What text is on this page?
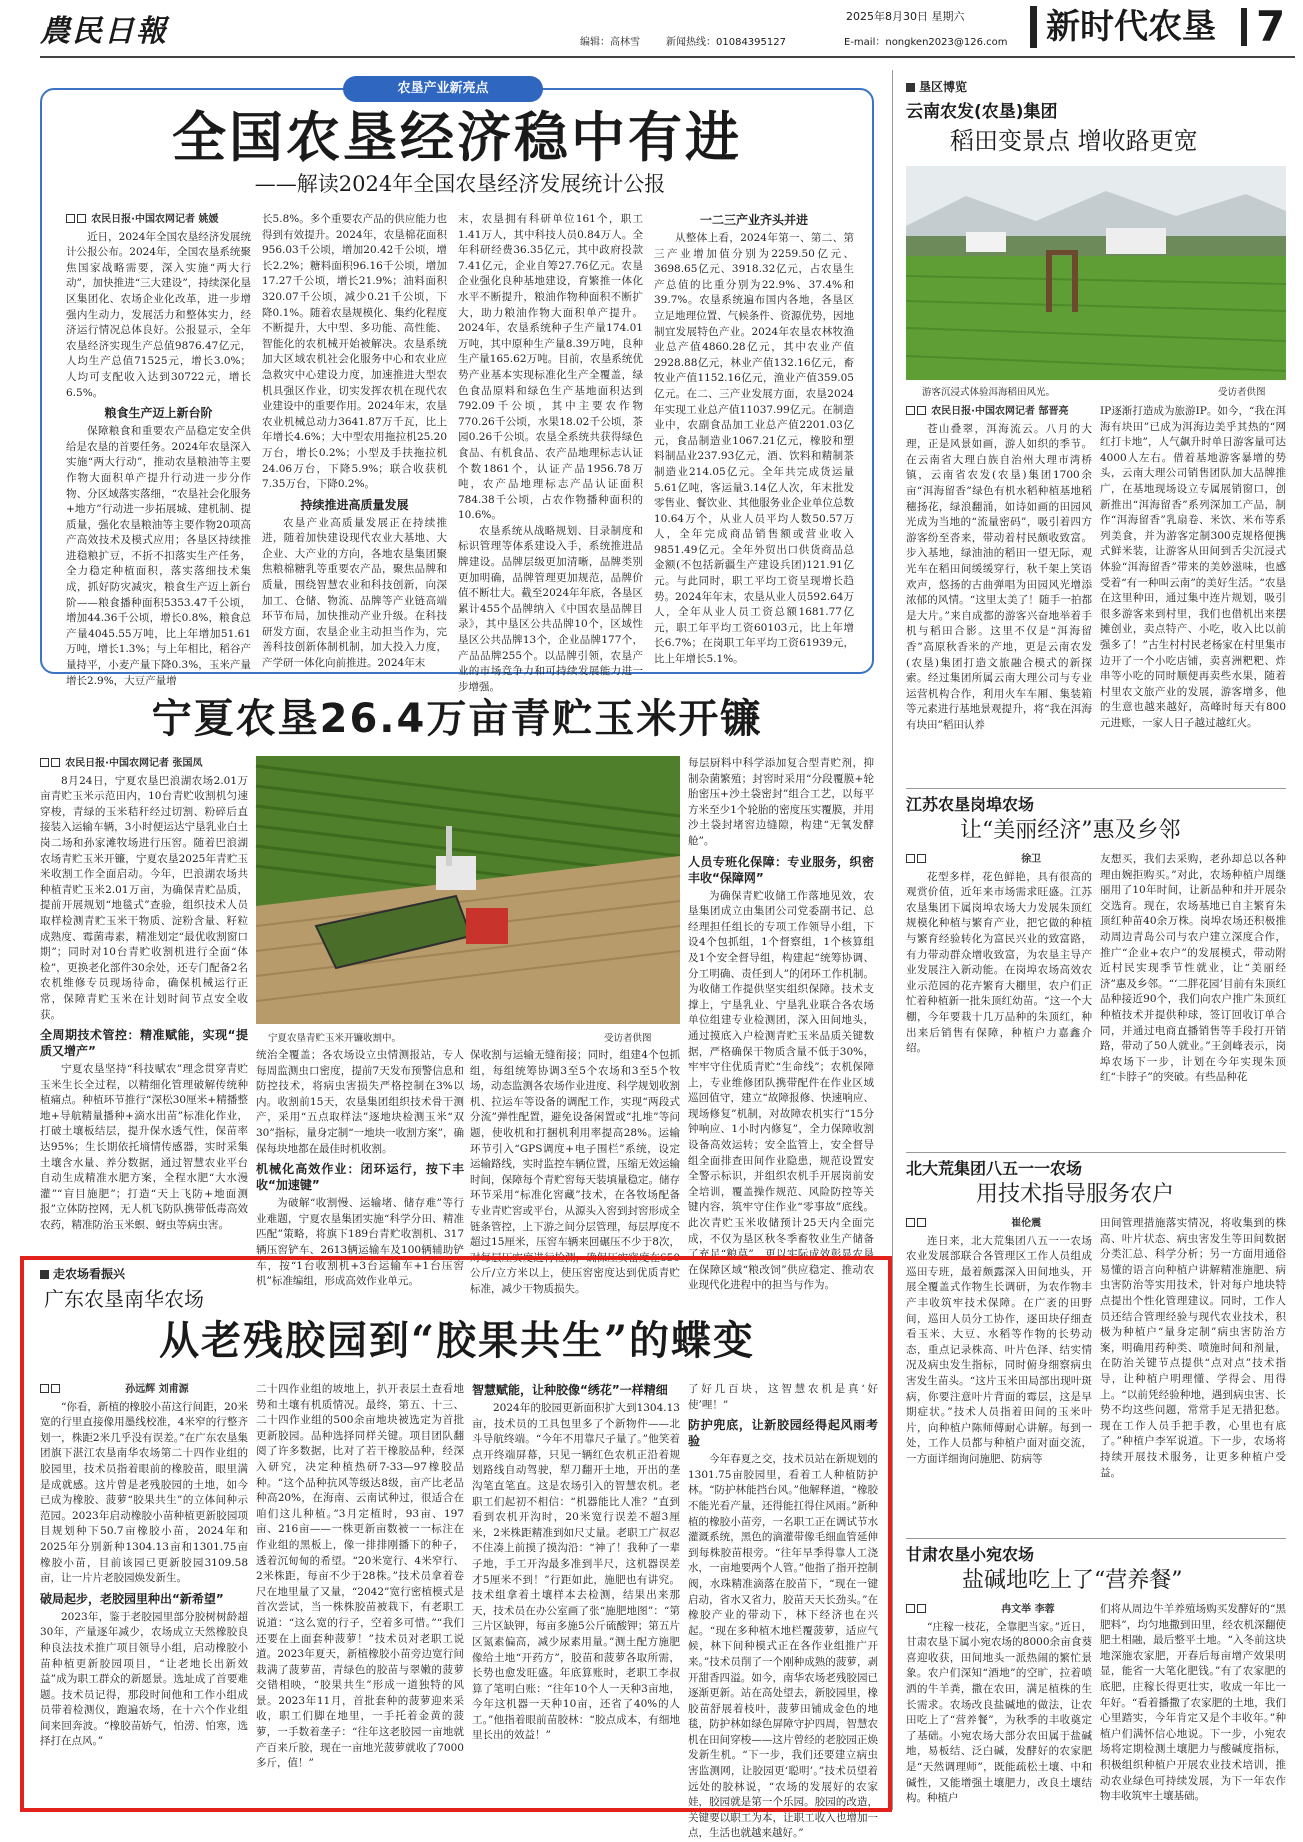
農民日報	2025年8月30日 星期六
编辑：高林雪	新闻热线：01084395127	E-mail：nongken2023@126.com	新时代农垦 7
农垦产业新亮点
全国农垦经济稳中有进
——解读2024年全国农垦经济发展统计公报
农民日报·中国农网记者 姚媛

近日，2024年全国农垦经济发展统计公报公布。2024年，全国农垦系统聚焦国家战略需要，深入实施“两大行动”，加快推进“三大建设”，持续深化垦区集团化、农场企业化改革，进一步增强内生动力，发展活力和整体实力，经济运行情况总体良好。公报显示，全年农垦经济实现生产总值9876.47亿元，人均生产总值71525元，增长3.0%；人均可支配收入达到30722元，增长6.5%。

粮食生产迈上新台阶

保障粮食和重要农产品稳定安全供给是农垦的首要任务。2024年农垦深入实施“两大行动”，推动农垦粮油等主要作物大面积单产提升行动进一步分作物、分区域落实落细，“农垦社会化服务+地方”行动进一步拓展城、建机制、提质量，强化农垦粮油等主要作物20项高产高效技术及模式应用；各垦区持续推进稳粮扩豆，不折不扣落实生产任务，全力稳定种植面积，落实落细技术集成，抓好防灾减灾，粮食生产迈上新台阶——粮食播种面积5353.47千公顷，增加44.36千公顷，增长0.8%，粮食总产量4045.55万吨，比上年增加51.61万吨，增长1.3%；与上年相比，稻谷产量持平，小麦产量下降0.3%，玉米产量增长2.9%，大豆产量增

长5.8%。多个重要农产品的供应能力也得到有效提升。2024年，农垦棉花面积956.03千公顷，增加20.42千公顷，增长2.2%；糖料面积96.16千公顷，增加17.27千公顷，增长21.9%；油料面积320.07千公顷，减少0.21千公顷，下降0.1%。随着农垦规模化、集约化程度不断提升，大中型、多功能、高性能、智能化的农机械开始被解决。农垦系统加大区域农机社会化服务中心和农业应急救灾中心建设力度，加速推进大型农机具强区作业，切实发挥农机在现代农业建设中的重要作用。2024年末，农垦农业机械总动力3641.87万千瓦，比上年增长4.6%；大中型农用拖拉机25.20万台，增长0.2%；小型及手扶拖拉机24.06万台，下降5.9%；联合收获机7.35万台，下降0.2%。

持续推进高质量发展

农垦产业高质量发展正在持续推进，随着加快建设现代农业大基地、大企业、大产业的方向，各地农垦集团聚焦粮棉糖乳等重要农产品，聚焦品牌和质量，围绕智慧农业和科技创新，向深加工、仓储、物流、品牌等产业链高端环节布局，加快推动产业升级。在科技研发方面，农垦企业主动担当作为，完善科技创新体制机制，加大投入力度，产学研一体化向前推进。2024年末

末，农垦拥有科研单位161个，职工1.41万人，其中科技人员0.84万人。全年科研经费36.35亿元，其中政府投款7.41亿元，企业自筹27.76亿元。农垦企业强化良种基地建设，育繁推一体化水平不断提升，粮油作物种面积不断扩大，助力粮油作物大面积单产提升。2024年，农垦系统种子生产量174.01万吨，其中原种生产量8.39万吨，良种生产量165.62万吨。目前，农垦系统优势产业基本实现标准化生产全覆盖，绿色食品原料和绿色生产基地面积达到792.09千公顷，其中主要农作物770.26千公顷，水果18.02千公顷，茶园0.26千公顷。农垦全系统共获得绿色食品、有机食品、农产品地理标志认证个数1861个，认证产品1956.78万吨，农产品地理标志产品认证面积784.38千公顷，占农作物播种面积的10.6%。

农垦系统从战略规划、目录制度和标识管理等体系建设入手，系统推进品牌建设。品牌层级更加清晰，品牌类别更加明确，品牌管理更加规范，品牌价值不断壮大。截至2024年年底，各垦区累计455个品牌纳入《中国农垦品牌目录》，其中垦区公共品牌10个，区域性垦区公共品牌13个，企业品牌177个，产品品牌255个。以品牌引领，农垦产业的市场竞争力和可持续发展能力进一步增强。

一二三产业齐头并进

从整体上看，2024年第一、第二、第三产业增加值分别为2259.50亿元、3698.65亿元、3918.32亿元，占农垦生产总值的比重分别为22.9%、37.4%和39.7%。农垦系统遍布国内各地，各垦区立足地理位置、气候条件、资源优势，因地制宜发展特色产业。2024年农垦农林牧渔业总产值4860.28亿元，其中农业产值2928.88亿元，林业产值132.16亿元，畜牧业产值1152.16亿元，渔业产值359.05亿元。在二、三产业发展方面，农垦2024年实现工业总产值11037.99亿元。在制造业中，农副食品加工业总产值2201.03亿元，食品制造业1067.21亿元，橡胶和塑料制品业237.93亿元，酒、饮料和精制茶制造业214.05亿元。全年共完成货运量5.61亿吨，客运量3.14亿人次，年末批发零售业、餐饮业、其他服务业企业单位总数10.64万个，从业人员平均人数50.57万人，全年完成商品销售额或营业收入9851.49亿元。全年外贸出口供货商品总金额(不包括新疆生产建设兵团)121.91亿元。与此同时，职工平均工资呈现增长趋势。2024年年末，农垦从业人员592.64万人，全年从业人员工资总额1681.77亿元，职工年平均工资60103元，比上年增长6.7%；在岗职工年平均工资61939元，比上年增长5.1%。

宁夏农垦26.4万亩青贮玉米开镰
农民日报·中国农网记者 张国凤

8月24日，宁夏农垦巴浪湖农场2.01万亩青贮玉米示范田内，10台青贮收割机匀速穿梭，青绿的玉米秸秆经过切割、粉碎后直接装入运输车辆，3小时便运达宁垦乳业白土岗二场和孙家滩牧场进行压窖。随着巴浪湖农场青贮玉米开镰，宁夏农垦2025年青贮玉米收割工作全面启动。今年，巴浪湖农场共种植青贮玉米2.01万亩，为确保青贮品质，提前开展规划“地毯式”查验，组织技术人员取样检测青贮玉米干物质、淀粉含量、籽粒成熟度、霉菌毒素，精准划定“最优收割窗口期”；同时对10台青贮收割机进行全面“体检”，更换老化部件30余处，还专门配备2名农机维修专员现场待命，确保机械运行正常，保障青贮玉米在计划时间节点安全收获。

全周期技术管控：精准赋能，实现“提质又增产”

宁夏农垦坚持“科技赋农”理念贯穿青贮玉米生长全过程，以精细化管理破解传统种植痛点。种植环节推行“深松30厘米+精播整地+导航精量播种+滴水出苗”标准化作业，打破土壤板结层，提升保水透气性，保苗率达95%；生长期依托墒情传感器，实时采集土壤含水量、养分数据，通过智慧农业平台自动生成精准水肥方案，全程水肥“大水漫灌”“盲目施肥”；打造“天上飞防+地面测报”立体防控网，无人机飞防队携带低毒高效农药，精准防治玉米螟、蚜虫等病虫害。

宁夏农垦青贮玉米开镰收割中。	受访者供图

统治全覆盖；各农场设立虫情测报站，专人每周监测虫口密度，提前7天发布预警信息和防控技术，将病虫害损失严格控制在3%以内。收割前15天，农垦集团组织技术骨干测产，采用“五点取样法”逐地块检测玉米“双30”指标，量身定制“一地块一收割方案”，确保每块地都在最佳时机收割。

机械化高效作业：闭环运行，按下丰收“加速键”

为破解“收割慢、运输堵、储存难”等行业难题，宁夏农垦集团实施“科学分田、精准匹配”策略，将旗下189台青贮收割机、317辆压窖铲车、2613辆运输车及100辆辅助铲车，按“1台收割机+3台运输车+1台压窖机”标准编组，形成高效作业单元。

保收割与运输无缝衔接；同时，组建4个包抓组，每组统筹协调3至5个农场和3至5个牧场，动态监测各农场作业进度、科学规划收割机、拉运车等设备的调配工作，实现“两段式分流”弹性配置，避免设备闲置或“扎堆”等问题，使收机和打捆机利用率提高28%。运输环节引入“GPS调度+电子围栏”系统，设定运输路线，实时监控车辆位置，压缩无效运输时间，保障每个青贮窖每天装填量稳定。储存环节采用“标准化窖藏”技术，在各牧场配备专业青贮窖或平台，从源头入窖到封窖形成全链条管控，上下游之间分层管理，每层厚度不超过15厘米，压窖车辆来回碾压不少于8次，对每层压实度进行检测，确保压实密度在650公斤/立方米以上，使压窖密度达到优质青贮标准，减少干物质损失。

每层厨料中科学添加复合型青贮剂，抑制杂菌繁殖；封窖时采用“分段覆膜+轮胎密压+沙土袋密封”组合工艺，以每平方米至少1个轮胎的密度压实覆膜，并用沙土袋封堵窖边缝隙，构建“无氧发酵舱”。

人员专班化保障：专业服务，织密丰收“保障网”

为确保青贮收储工作落地见效，农垦集团成立由集团公司党委副书记、总经理担任组长的专项工作领导小组，下设4个包抓组，1个督察组，1个核算组及1个安全督导组，构建起“统筹协调、分工明确、责任到人”的闭环工作机制。为收储工作提供坚实组织保障。技术支撑上，宁垦乳业、宁垦乳业联合各农场单位组建专业检测团，深入田间地头，通过摸底入户检测青贮玉米品质关键数据，严格确保干物质含量不低于30%，牢牢守住优质青贮“生命线”；农机保障上，专业维修团队携带配件在作业区域巡回值守，建立“故障报修、快速响应、现场修复”机制，对故障农机实行“15分钟响应、1小时内修复”，全力保障收割设备高效运转；安全监管上，安全督导组全面排查田间作业隐患，规范设置安全警示标识，并组织农机手开展岗前安全培训，覆盖操作规范、风险防控等关键内容，筑牢守住作业“零事故”底线。此次青贮玉米收储预计25天内全面完成，不仅为垦区秋冬季畜牧业生产储备了充足“粮草”，更以实际成效彰显农垦在保障区域“粮改饲”供应稳定、推动农业现代化进程中的担当与作为。

走农场看振兴
广东农垦南华农场
从老残胶园到“胶果共生”的蝶变
孙远辉 刘甫源

“你看，新植的橡胶小苗这行间距，20米宽的行里直接像用墨线校准，4米窄的行整齐划一，株距2米几乎没有误差。”在广东农垦集团旗下湛江农垦南华农场第二十四作业组的胶园里，技术员指着眼前的橡胶苗，眼里满是成就感。这片曾是老残胶园的土地，如今已成为橡胶、菠萝“胶果共生”的立体间种示范园。2023年启动橡胶小苗种植更新胶园项目规划种下50.7亩橡胶小苗，2024年和2025年分别新种1304.13亩和1301.75亩橡胶小苗，目前该园已更新胶园3109.58亩，让一片片老胶园焕发新生。

破局起步，老胶园里种出“新希望”

2023年，鉴于老胶园里部分胶树树龄超30年，产量逐年减少，农场成立天然橡胶良种良法技术推广项目领导小组，启动橡胶小苗种植更新胶园项目，“让老地长出新效益”成为职工群众的新愿景。选址成了首要难题。技术员记得，那段时间他和工作小组成员带着检测仪，跑遍农场，在十六个作业组间来回奔波。“橡胶苗娇气，怕涝、怕寒，选择打在点风。”

二十四作业组的坡地上，扒开表层土查看地势和土壤有机质情况。最终，第五、十三、二十四作业组的500余亩地块被选定为首批更新胶园。品种选择同样关键。项目团队翻阅了许多数据，比对了若干橡胶品种，经深入研究，决定种植热研7-33—97橡胶品种。“这个品种抗风等级达8级，亩产比老品种高20%，在海南、云南试种过，很适合在咱们这儿种植。”3月定植时，93亩、197亩、216亩——一株更新亩数被一一标注在作业组的黑板上，像一排排刚播下的种子，透着沉甸甸的希望。“20米宽行、4米窄行、2米株距，每亩不少于28株。”技术员拿着卷尺在地里量了又量，“2042”宽行密植模式是首次尝试，当一株株胶苗被栽下，有老职工说道：“这么宽的行子，空着多可惜。”“我们还要在上面套种菠萝！”技术员对老职工说道。2023年夏天，新植橡胶小苗旁边宽行间栽满了菠萝苗，青绿色的胶苗与翠嫩的菠萝交错相映，“胶果共生”形成一道独特的风景。2023年11月，首批套种的菠萝迎来采收，职工们脚在地里，一手托着金黄的菠萝，一手数着垄子：“往年这老胶园一亩地就产百来斤胶，现在一亩地光菠萝就收了7000多斤，值！”

智慧赋能，让种胶像“绣花”一样精细

2024年的胶园更新面积扩大到1304.13亩，技术员的工具包里多了个新物件——北斗导航终端。“今年不用靠尺子量了。”他笑着点开终端屏幕，只见一辆红色农机正沿着规划路线自动驾驶，犁刀翻开土地，开出的垄沟笔直笔直。这是农场引入的智慧农机。老职工们起初不相信：“机器能比人准？”直到看到农机开沟时，20米宽行误差不超3厘米，2米株距精准到如尺丈量。老职工广叔忍不住凑上前摸了摸沟沿：“神了！我种了一辈子地，手工开沟最多准到半尺，这机器误差才5厘米不到！”行距如此，施肥也有讲究。技术组拿着土壤样本去检测，结果出来那天，技术员在办公室画了张“施肥地图”：“第三片区缺钾，每亩多施5公斤硫酸钾；第五片区氮素偏高，减少尿素用量。”测土配方施肥像给土地“开药方”，胶苗和菠萝各取所需，长势也愈发旺盛。年底算账时，老职工李叔算了笔明白账：“往年10个人一天种3亩地，今年这机器一天种10亩，还省了40%的人工。”他指着眼前苗胶林：“胶点成本，有细地里长出的效益！”

了好几百块，这智慧农机是真‘好使’哩！”

防护兜底，让新胶园经得起风雨考验

今年春夏之交，技术员站在新规划的1301.75亩胶园里，看着工人种植防护林。“防护林能挡台风。”他解释道，“橡胶不能光看产量，还得能扛得住风雨。”新种植的橡胶小苗旁，一名职工正在调试节水灌溉系统，黑色的滴灌带像毛细血管延伸到每株胶苗根旁。“往年旱季得靠人工浇水，一亩地要两个人管。”他指了指开控制阀，水珠精准滴落在胶苗下，“现在一键启动，省水又省力，胶苗天天长劲头。”在橡胶产业的带动下，林下经济也在兴起。“现在多种植木地栏覆菠萝，适应气候，林下间种模式正在各作业组推广开来。”技术员削了一个刚种成熟的菠萝，剥开甜香四溢。如今，南华农场老残胶园已逐渐更新。站在高处望去，新胶园里，橡胶苗舒展着枝叶，菠萝田铺成金色的地毯，防护林如绿色屏障守护四周，智慧农机在田间穿梭——这片曾经的老胶园正焕发新生机。“下一步，我们还要建立病虫害监测网，让胶园更‘聪明’。”技术员望着远处的胶林说，“农场的发展好的农家娃，胶园就是第一个乐园。胶园的改造，关键要以职工为本，让职工收入也增加一点，生活也就越来越好。”

垦区博览
云南农发(农垦)集团
稻田变景点 增收路更宽
游客沉浸式体验洱海稻田风光。	受访者供图
农民日报·中国农网记者 郜晋亮

苍山叠翠，洱海流云。八月的大理，正是风景如画，游人如织的季节。在云南省大理白族自治州大理市湾桥镇，云南省农发(农垦)集团1700余亩“洱海留香”绿色有机水稻种植基地稻穗扬花，绿浪翻涌，如诗如画的田园风光成为当地的“流量密码”，吸引着四方游客纷至沓来，带动着村民颇收致富。步入基地，绿油油的稻田一望无际，观光车在稻田间缓缓穿行，秋千架上笑语欢声，悠扬的古曲弹唱为田园风光增添浓郁的风情。“这里太美了！随手一拍都是大片。”来自成都的游客兴奋地举着手机与稻田合影。这里不仅是“洱海留香”高原秋香米的产地，更是云南农发(农垦)集团打造文旅融合模式的新探索。经过集团所属云南大理公司与专业运营机构合作，利用火车车厢、集装箱等元素进行基地景观提升，将“我在洱海有块田”稻田认养

IP逐渐打造成为旅游IP。如今，“我在洱海有块田”已成为洱海边美乎其热的“网红打卡地”，人气飙升时单日游客量可达4000人左右。借着基地游客暴增的势头，云南大理公司销售团队加大品牌推广，在基地现场设立专属展销窗口，创新推出“洱海留香”系列深加工产品，制作“洱海留香”乳扇卷、米饮、米布等系列美食，并为游客定制300克规格便携式鲜米装，让游客从田间到舌尖沉浸式体验“洱海留香”带来的美妙滋味，也感受着“有一种叫云南”的美好生活。“农垦在这里种田，通过集中连片规划，吸引很多游客来到村里，我们也借机出来摆摊创业，卖点特产、小吃，收入比以前强多了！”古生村村民老杨家在村里集市边开了一个小吃店铺，卖喜洲粑粑、炸串等小吃的同时顺便再卖些水果，随着村里农文旅产业的发展，游客增多，他的生意也越来越好，高峰时每天有800元进账，一家人日子越过越红火。

江苏农垦岗埠农场
让“美丽经济”惠及乡邻
徐卫

花型多样，花色鲜艳，具有很高的观赏价值，近年来市场需求旺盛。江苏农垦集团下属岗埠农场大力发展朱顶红规模化种植与繁育产业，把它做的种植与繁育经验转化为富民兴业的致富路，有力带动群众增收致富，为农垦主导产业发展注入新动能。在岗埠农场高效农业示范园的花卉繁育大棚里，农户们正忙着种植新一批朱顶红幼苗。“这一个大棚，今年要栽十几万品种的朱顶红，种出来后销售有保障，种植户力嘉鑫介绍。

友想买，我们去采购，老孙却总以各种理由婉拒购买。”对此，农场种植户周继丽用了10年时间，让新品种和并开展杂交选育。现在，农场基地已自主繁育朱顶红种苗40余万株。岗埠农场还积极推动周边青岛公司与农户建立深度合作，推广“企业+农户”的发展模式，带动附近村民实现季节性就业，让“美丽经济”惠及乡邻。“‘二胖花园’目前有朱顶红品种接近90个，我们向农户推广朱顶红种植技术并提供种球，签订回收订单合同，并通过电商直播销售等手段打开销路，带动了50人就业。”王剑峰表示，岗埠农场下一步，计划在今年实现朱顶红“卡脖子”的突破。有些品种花

北大荒集团八五一一农场
用技术指导服务农户
崔伦震

连日来，北大荒集团八五一一农场农业发展部联合各管理区工作人员组成巡田专班，最着颇露深入田间地头，开展全覆盖式作物生长调研，为农作物丰产丰收筑牢技术保障。在广袤的田野间，巡田人员分工协作，逐田块仔细查看玉米、大豆、水稻等作物的长势动态，重点记录株高、叶片色泽、结实情况及病虫发生指标，同时俯身细察病虫害发生苗头。“这片玉米田局部出现叶斑病，你要注意叶片背面的霉层，这是早期症状。”技术人员指着田间的玉米叶片，向种植户陈师傅耐心讲解。每到一处，工作人员都与种植户面对面交流，一方面详细询问施肥、防病等

田间管理措施落实情况，将收集到的株高、叶片状态、病虫害发生等田间数据分类汇总、科学分析；另一方面用通俗易懂的语言向种植户讲解精准施肥、病虫害防治等实用技术，针对每户地块特点提出个性化管理建议。同时，工作人员还结合管理经验与现代农业技术，积极为种植户“量身定制”病虫害防治方案，明确用药种类、喷施时间和剂量，在防治关键节点提供“点对点”技术指导，让种植户明理懂、学得会、用得上。“以前凭经验种地，遇到病虫害、长势不均这些问题，常常手足无措犯愁。现在工作人员手把手教，心里也有底了。”种植户李军说道。下一步，农场将持续开展技术服务，让更多种植户受益。

甘肃农垦小宛农场
盐碱地吃上了“营养餐”
冉文举 李蓉

“庄稼一枝花，全靠肥当家。”近日，甘肃农垦下属小宛农场的8000余亩食葵喜迎收获，田间地头一派热闹的繁忙景象。农户们深知“酒地”的空旷，拉着喷洒的牛羊粪，撒在农田，满足植株的生长需求。农场改良盐碱地的做法，让农田吃上了“营养餐”，为秋季的丰收奠定了基础。小宛农场大部分农田属于盐碱地，易板结、泛白碱，发酵好的农家肥是“天然调理师”，既能疏松土壤、中和碱性，又能增强土壤肥力，改良土壤结构。种植户

们将从周边牛羊养殖场购买发酵好的“黑肥料”，均匀地撒到田里，经农机深翻使肥土相融，最后整平土地。“入冬前这块地深施农家肥，开春后每亩增产效果明显，能省一大笔化肥钱。”有了农家肥的底肥，庄稼长得更壮实，收成一年比一年好。“看着播撒了农家肥的土地，我们心里踏实，今年肯定又是个丰收年。”种植户们满怀信心地说。下一步，小宛农场将定期检测土壤肥力与酸碱度指标，积极组织种植户开展农业技术培训，推动农业绿色可持续发展，为下一年农作物丰收筑牢土壤基础。
